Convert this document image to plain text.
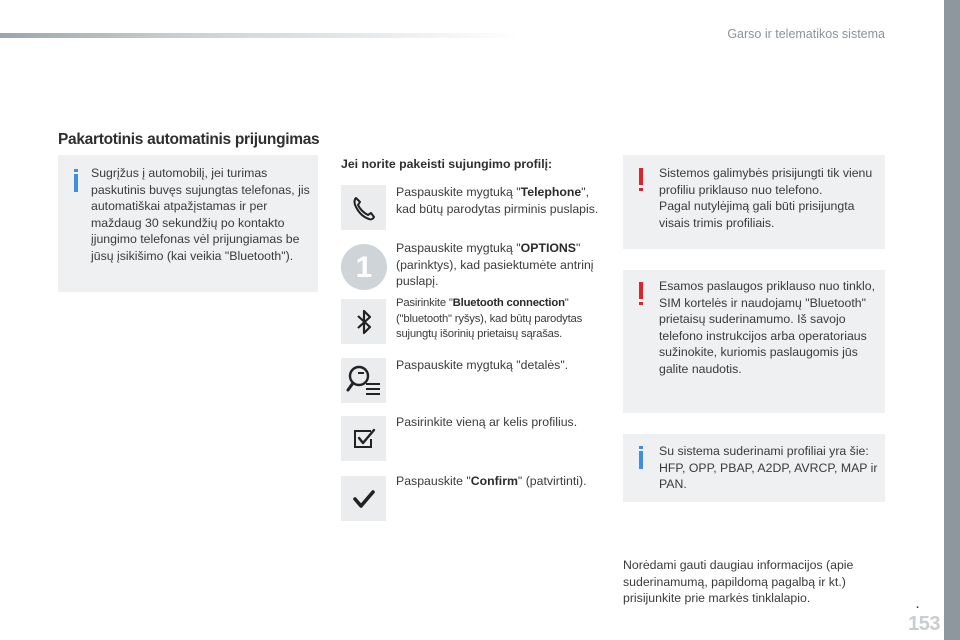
Garso ir telematikos sistema
.
153
Pakartotinis automatinis prijungimas
Sugrįžus į automobilį, jei turimas paskutinis buvęs sujungtas telefonas, jis automatiškai atpažįstamas ir per maždaug 30 sekundžių po kontakto įjungimo telefonas vėl prijungiamas be jūsų įsikišimo (kai veikia "Bluetooth").
Jei norite pakeisti sujungimo profilį:
Paspauskite mygtuką "Telephone", kad būtų parodytas pirminis puslapis.
1
Paspauskite mygtuką "OPTIONS" (parinktys), kad pasiektumėte antrinį puslapį.
Pasirinkite "Bluetooth connection" ("bluetooth" ryšys), kad būtų parodytas sujungtų išorinių prietaisų sąrašas.
Paspauskite mygtuką "detalės".
Pasirinkite vieną ar kelis profilius.
Paspauskite "Confirm" (patvirtinti).
Sistemos galimybės prisijungti tik vienu profiliu priklauso nuo telefono.
Pagal nutylėjimą gali būti prisijungta visais trimis profiliais.
Esamos paslaugos priklauso nuo tinklo, SIM kortelės ir naudojamų "Bluetooth" prietaisų suderinamumo. Iš savojo telefono instrukcijos arba operatoriaus sužinokite, kuriomis paslaugomis jūs galite naudotis.
Su sistema suderinami profiliai yra šie: HFP, OPP, PBAP, A2DP, AVRCP, MAP ir PAN.
Norėdami gauti daugiau informacijos (apie suderinamumą, papildomą pagalbą ir kt.) prisijunkite prie markės tinklalapio.
